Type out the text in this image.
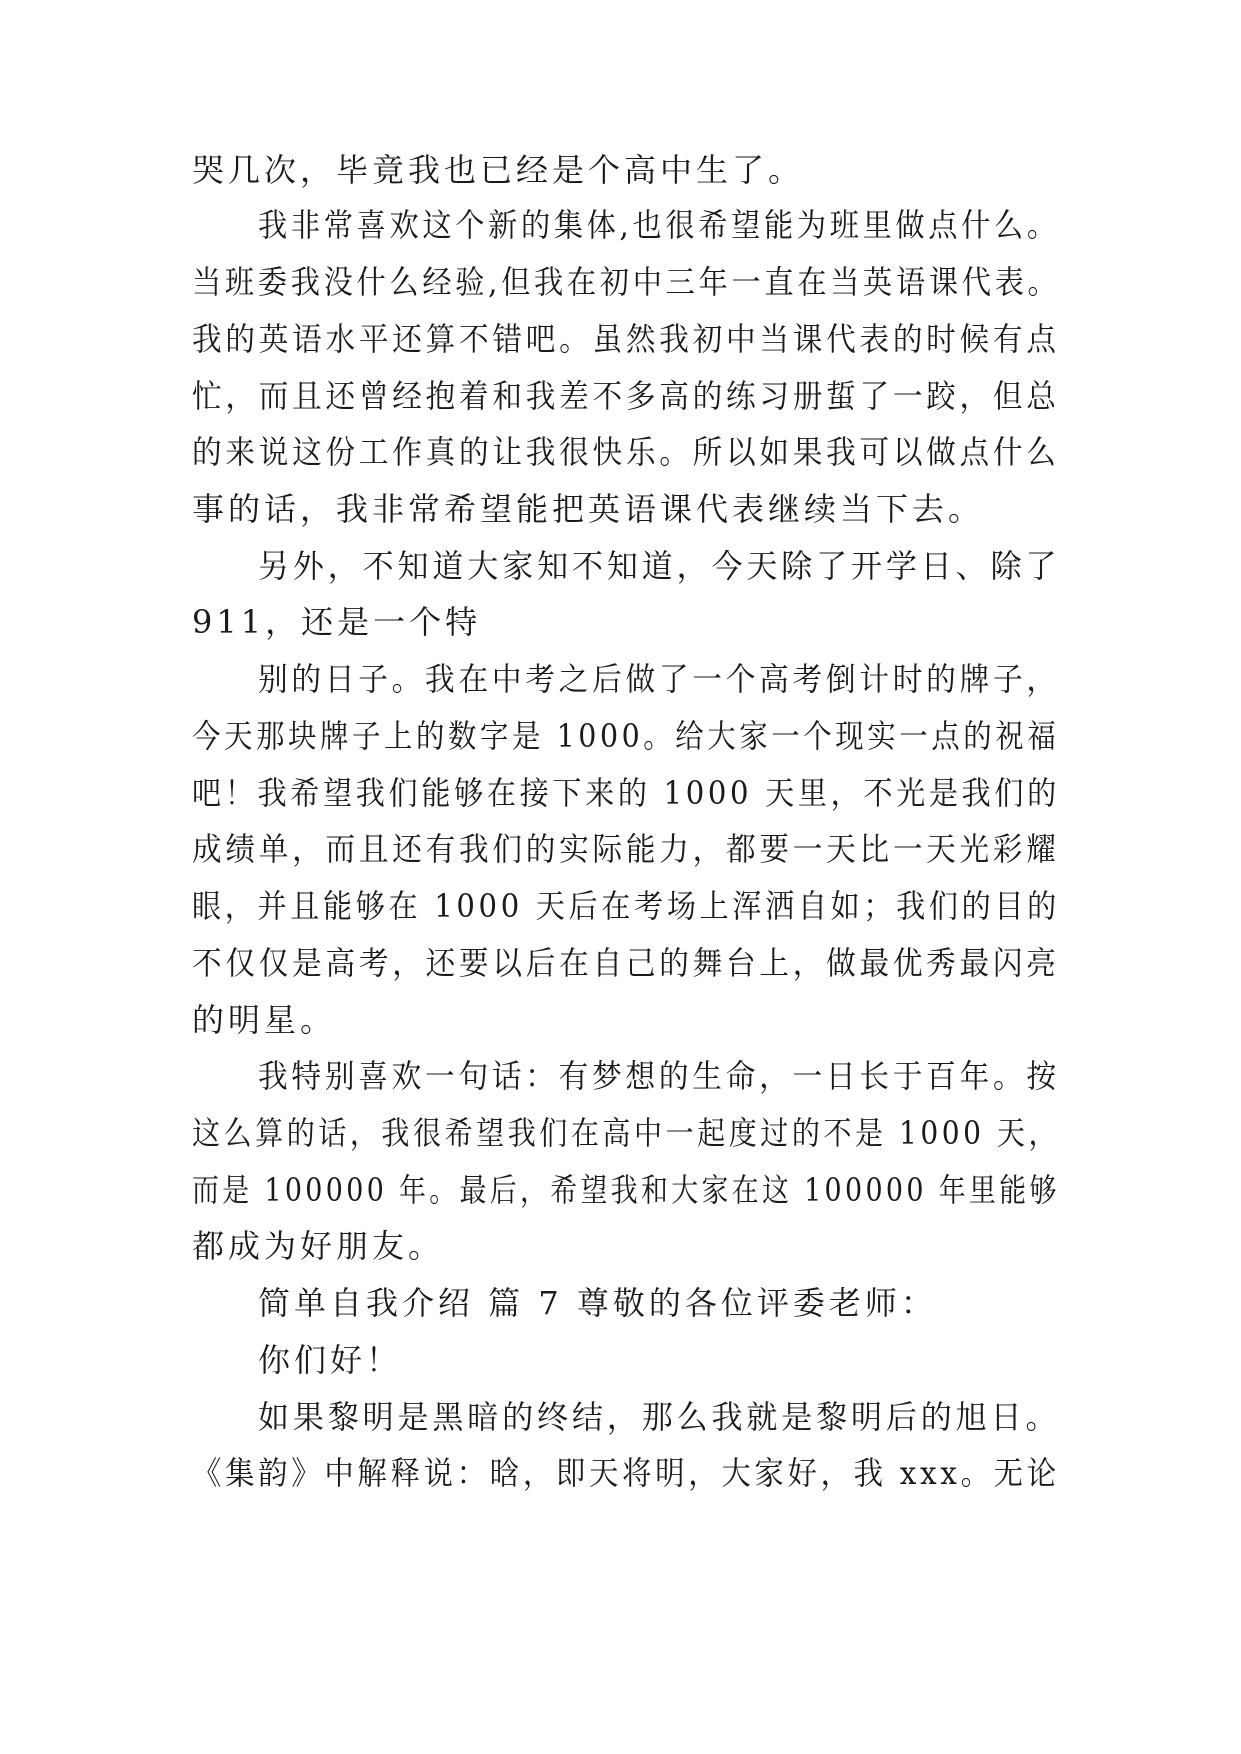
哭几次，毕竟我也已经是个高中生了。
我非常喜欢这个新的集体,也很希望能为班里做点什么。
当班委我没什么经验,但我在初中三年一直在当英语课代表。
我的英语水平还算不错吧。虽然我初中当课代表的时候有点
忙，而且还曾经抱着和我差不多高的练习册蜇了一跤，但总
的来说这份工作真的让我很快乐。所以如果我可以做点什么
事的话，我非常希望能把英语课代表继续当下去。
另外，不知道大家知不知道，今天除了开学日、除了
911，还是一个特
别的日子。我在中考之后做了一个高考倒计时的牌子，
今天那块牌子上的数字是 1000。给大家一个现实一点的祝福
吧！我希望我们能够在接下来的 1000 天里，不光是我们的
成绩单，而且还有我们的实际能力，都要一天比一天光彩耀
眼，并且能够在 1000 天后在考场上浑洒自如；我们的目的
不仅仅是高考，还要以后在自己的舞台上，做最优秀最闪亮
的明星。
我特别喜欢一句话：有梦想的生命，一日长于百年。按
这么算的话，我很希望我们在高中一起度过的不是 1000 天，
而是 100000 年。最后，希望我和大家在这 100000 年里能够
都成为好朋友。
简单自我介绍 篇 7 尊敬的各位评委老师：
你们好！
如果黎明是黑暗的终结，那么我就是黎明后的旭日。
《集韵》中解释说：晗，即天将明，大家好，我 xxx。无论
